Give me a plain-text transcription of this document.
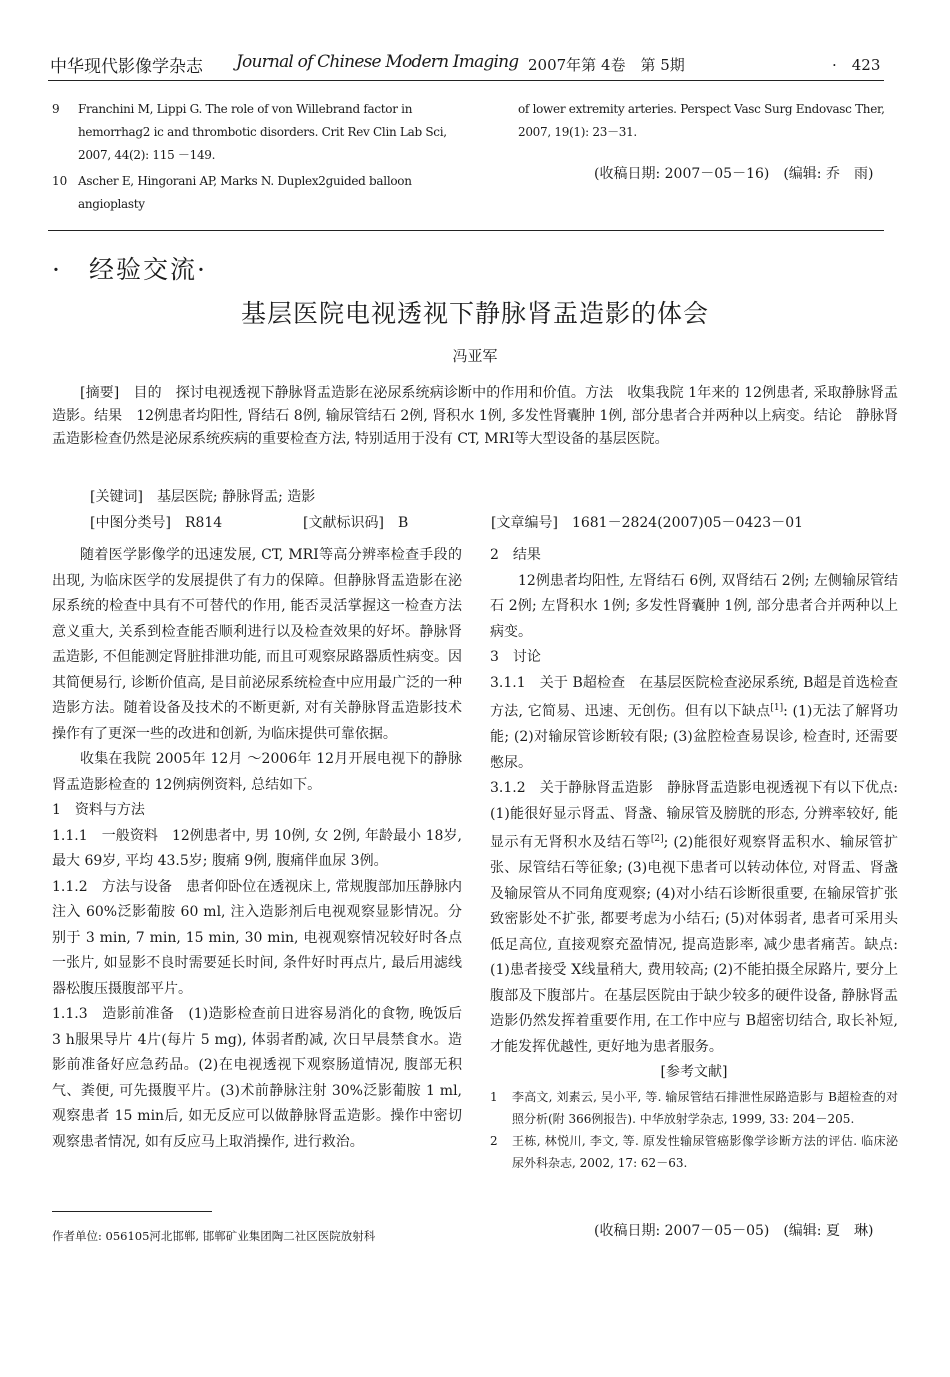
中华现代影像学杂志 Journal of Chinese Modern Imaging 2007年第 4卷　第 5期	·　423
9	Franchini M, Lippi G. The role of von Willebrand factor in hemorrhag2 ic and thrombotic disorders. Crit Rev Clin Lab Sci, 2007, 44(2): 115 －149.
10 Ascher E, Hingorani AP, Marks N. Duplex2guided balloon angioplasty
of lower extremity arteries. Perspect Vasc Surg Endovasc Ther, 2007, 19(1): 23－31.
(收稿日期: 2007－05－16)　(编辑: 乔　雨)
·　经验交流·
基层医院电视透视下静脉肾盂造影的体会
冯亚军

[摘要]　 目的　探讨电视透视下静脉肾盂造影在泌尿系统病诊断中的作用和价值。方法　收集我院 1年来的 12例患者, 采取静脉肾盂造影。结果　12例患者均阳性, 肾结石 8例, 输尿管结石 2例, 肾积水 1例, 多发性肾囊肿 1例, 部分患者合并两种以上病变。结论　静脉肾盂造影检查仍然是泌尿系统疾病的重要检查方法, 特别适用于没有 CT, MRI等大型设备的基层医院。

[关键词]　 基层医院; 静脉肾盂; 造影
[中图分类号]　 R814	[文献标识码]　 B	[文章编号]　 1681－2824(2007)05－0423－01

随着医学影像学的迅速发展, CT, MRI等高分辨率检查手段的出现, 为临床医学的发展提供了有力的保障。但静脉肾盂造影在泌尿系统的检查中具有不可替代的作用, 能否灵活掌握这一检查方法意义重大, 关系到检查能否顺利进行以及检查效果的好坏。静脉肾盂造影, 不但能测定肾脏排泄功能, 而且可观察尿路器质性病变。因其简便易行, 诊断价值高, 是目前泌尿系统检查中应用最广泛的一种造影方法。随着设备及技术的不断更新, 对有关静脉肾盂造影技术操作有了更深一些的改进和创新, 为临床提供可靠依据。

收集在我院 2005年 12月 ～2006年 12月开展电视下的静脉肾盂造影检查的 12例病例资料, 总结如下。

1　资料与方法

1.1.1　一般资料 12例患者中, 男 10例, 女 2例, 年龄最小 18岁, 最大 69岁, 平均 43.5岁; 腹痛 9例, 腹痛伴血尿 3例。

1.1.2　方法与设备 患者仰卧位在透视床上, 常规腹部加压静脉内注入 60%泛影葡胺 60 ml, 注入造影剂后电视观察显影情况。分别于 3 min, 7 min, 15 min, 30 min, 电视观察情况较好时各点一张片, 如显影不良时需要延长时间, 条件好时再点片, 最后用滤线器松腹压摄腹部平片。

1.1.3　造影前准备 (1)造影检查前日进容易消化的食物, 晚饭后 3 h服果导片 4片(每片 5 mg), 体弱者酌减, 次日早晨禁食水。造影前准备好应急药品。(2)在电视透视下观察肠道情况, 腹部无积气、粪便, 可先摄腹平片。(3)术前静脉注射 30%泛影葡胺 1 ml, 观察患者 15 min后, 如无反应可以做静脉肾盂造影。操作中密切观察患者情况, 如有反应马上取消操作, 进行救治。

作者单位: 056105河北邯郸, 邯郸矿业集团陶二社区医院放射科

2　结果

12例患者均阳性, 左肾结石 6例, 双肾结石 2例; 左侧输尿管结石 2例; 左肾积水 1例; 多发性肾囊肿 1例, 部分患者合并两种以上病变。

3　讨论

3.1.1　关于 B超检查 在基层医院检查泌尿系统, B超是首选检查方法, 它简易、迅速、无创伤。但有以下缺点[1]: (1)无法了解肾功能; (2)对输尿管诊断较有限; (3)盆腔检查易误诊, 检查时, 还需要憋尿。

3.1.2　关于静脉肾盂造影 静脉肾盂造影电视透视下有以下优点: (1)能很好显示肾盂、肾盏、输尿管及膀胱的形态, 分辨率较好, 能显示有无肾积水及结石等[2]; (2)能很好观察肾盂积水、输尿管扩张、尿管结石等征象; (3)电视下患者可以转动体位, 对肾盂、肾盏及输尿管从不同角度观察; (4)对小结石诊断很重要, 在输尿管扩张致密影处不扩张, 都要考虑为小结石; (5)对体弱者, 患者可采用头低足高位, 直接观察充盈情况, 提高造影率, 减少患者痛苦。缺点: (1)患者接受 X线量稍大, 费用较高; (2)不能拍摄全尿路片, 要分上腹部及下腹部片。在基层医院由于缺少较多的硬件设备, 静脉肾盂造影仍然发挥着重要作用, 在工作中应与 B超密切结合, 取长补短, 才能发挥优越性, 更好地为患者服务。

[参考文献]

1 李高文, 刘素云, 吴小平, 等. 输尿管结石排泄性尿路造影与 B超检查的对照分析(附 366例报告). 中华放射学杂志, 1999, 33: 204－205.
2 王栋, 林悦川, 李文, 等. 原发性输尿管癌影像学诊断方法的评估. 临床泌尿外科杂志, 2002, 17: 62－63.
(收稿日期: 2007－05－05)　(编辑: 夏　琳)
